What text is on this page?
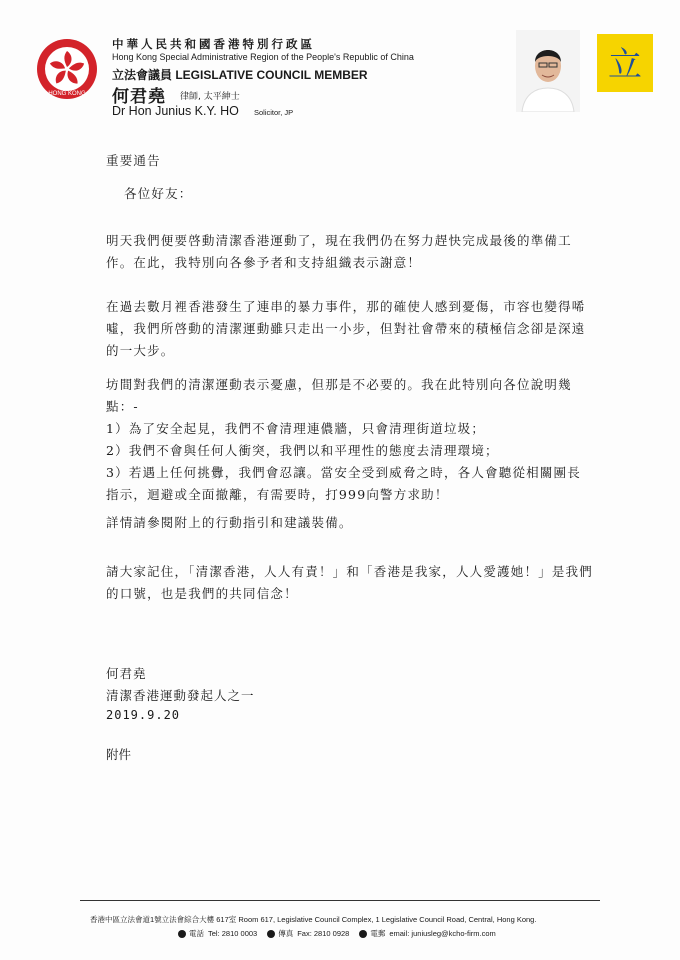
HONG KONG
中華人民共和國香港特別行政區
Hong Kong Special Administrative Region of the People's Republic of China
立法會議員 LEGISLATIVE COUNCIL MEMBER
何君堯 律師, 太平紳士
Dr Hon Junius K.Y. HO Solicitor, JP
立
重要通告
各位好友：
明天我們便要啓動清潔香港運動了，現在我們仍在努力趕快完成最後的準備工作。在此，我特別向各參予者和支持組織表示謝意！
在過去數月裡香港發生了連串的暴力事件，那的確使人感到憂傷，市容也變得唏噓，我們所啓動的清潔運動雖只走出一小步，但對社會帶來的積極信念卻是深遠的一大步。
坊間對我們的清潔運動表示憂慮，但那是不必要的。我在此特別向各位說明幾點：-
1）為了安全起見，我們不會清理連儂牆，只會清理街道垃圾；
2）我們不會與任何人衝突，我們以和平理性的態度去清理環境；
3）若遇上任何挑釁，我們會忍讓。當安全受到威脅之時，各人會聽從相關團長指示，迴避或全面撤離，有需要時，打999向警方求助！
詳情請參閱附上的行動指引和建議裝備。
請大家記住，「清潔香港，人人有責！」和「香港是我家，人人愛護她！」是我們的口號，也是我們的共同信念！
何君堯
清潔香港運動發起人之一
2019.9.20
附件
香港中區立法會道1號立法會綜合大樓 617室 Room 617, Legislative Council Complex, 1 Legislative Council Road, Central, Hong Kong.
電話 Tel: 2810 0003	傳真 Fax: 2810 0928	電郵 email: juniusleg@kcho-firm.com
